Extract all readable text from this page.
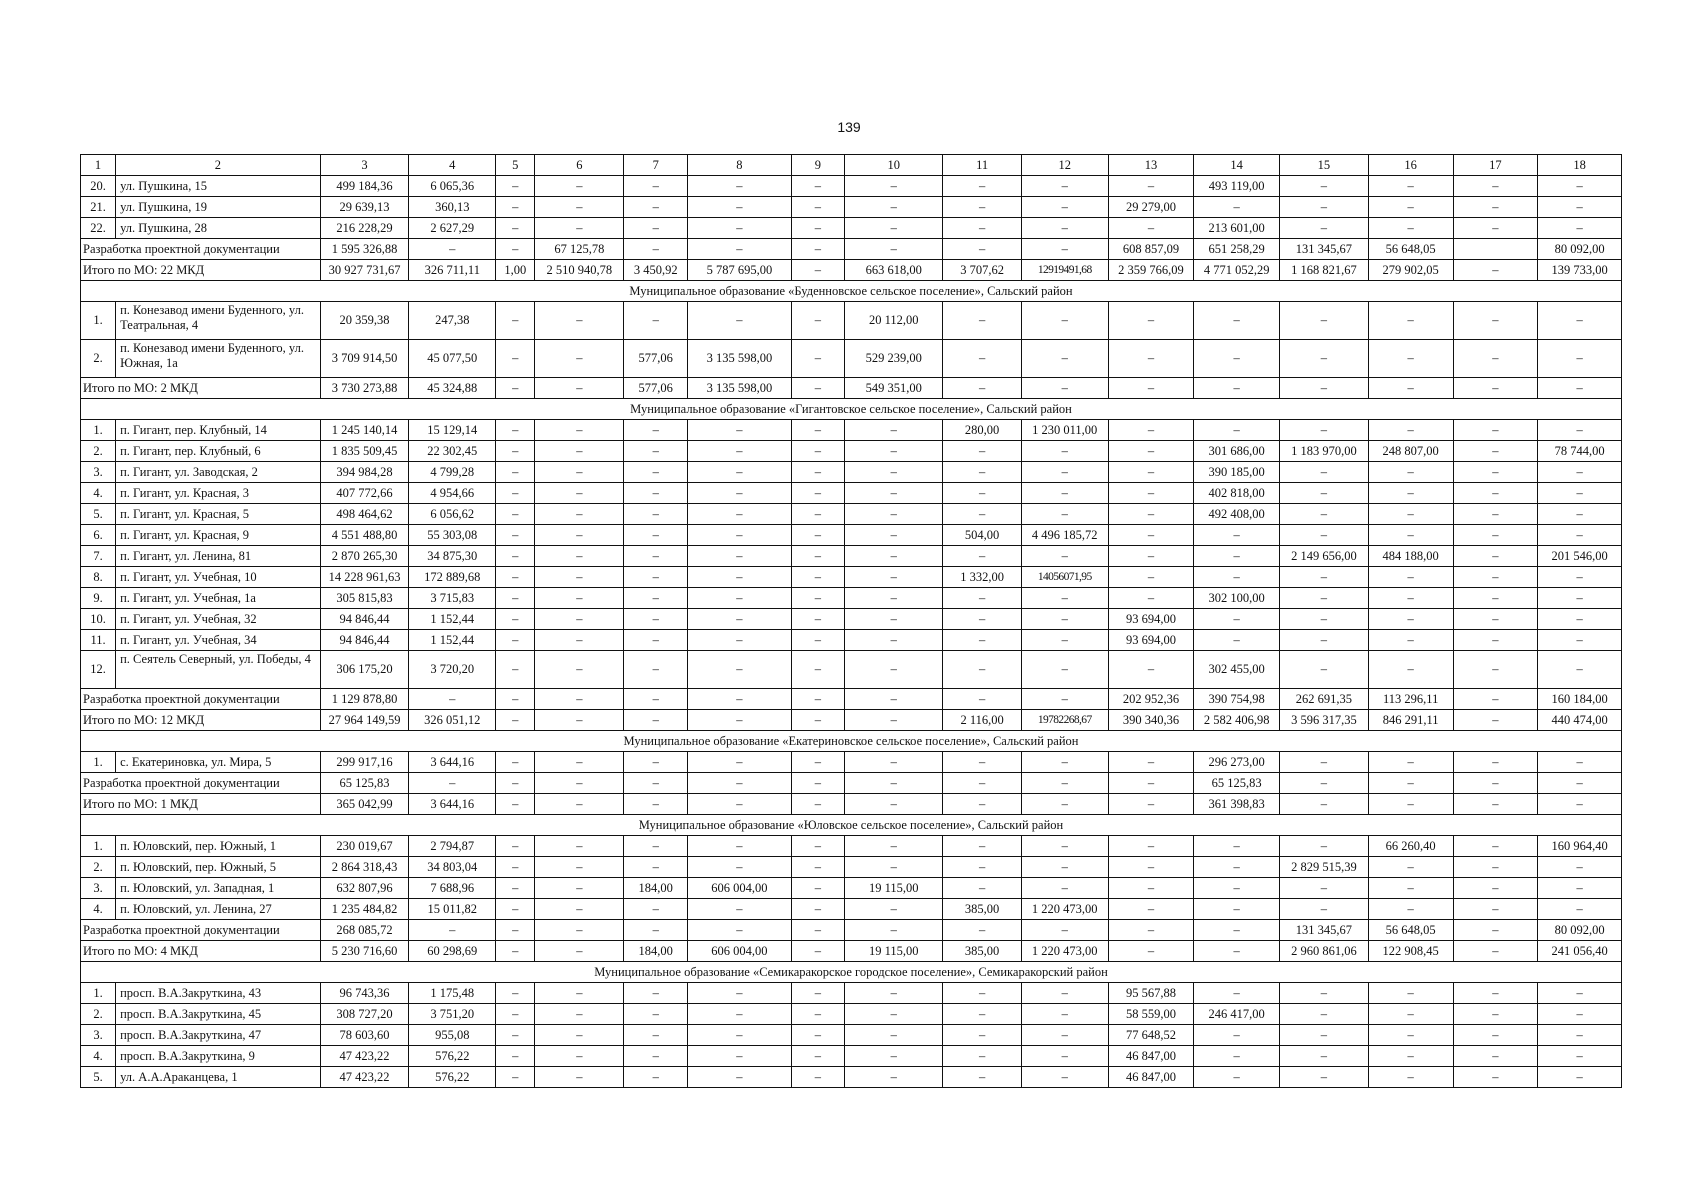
139
1	2	3	4	5	6	7	8	9	10	11	12	13	14	15	16	17	18
20.	ул. Пушкина, 15	499 184,36	6 065,36	–	–	–	–	–	–	–	–	–	493 119,00	–	–	–	–
21.	ул. Пушкина, 19	29 639,13	360,13	–	–	–	–	–	–	–	–	29 279,00	–	–	–	–	–
22.	ул. Пушкина, 28	216 228,29	2 627,29	–	–	–	–	–	–	–	–	–	213 601,00	–	–	–	–
Разработка проектной документации		1 595 326,88	–	–	67 125,78	–	–	–	–	–	–	608 857,09	651 258,29	131 345,67	56 648,05		80 092,00
Итого по МО: 22 МКД		30 927 731,67	326 711,11	1,00	2 510 940,78	3 450,92	5 787 695,00	–	663 618,00	3 707,62	12919491,68	2 359 766,09	4 771 052,29	1 168 821,67	279 902,05	–	139 733,00
Муниципальное образование «Буденновское сельское поселение», Сальский район																	
1.	п. Конезавод имени Буденного, ул. Театральная, 4	20 359,38	247,38	–	–	–	–	–	20 112,00	–	–	–	–	–	–	–	–
2.	п. Конезавод имени Буденного, ул. Южная, 1а	3 709 914,50	45 077,50	–	–	577,06	3 135 598,00	–	529 239,00	–	–	–	–	–	–	–	–
Итого по МО: 2 МКД		3 730 273,88	45 324,88	–	–	577,06	3 135 598,00	–	549 351,00	–	–	–	–	–	–	–	–
Муниципальное образование «Гигантовское сельское поселение», Сальский район																	
1.	п. Гигант, пер. Клубный, 14	1 245 140,14	15 129,14	–	–	–	–	–	–	280,00	1 230 011,00	–	–	–	–	–	–
2.	п. Гигант, пер. Клубный, 6	1 835 509,45	22 302,45	–	–	–	–	–	–	–	–	–	301 686,00	1 183 970,00	248 807,00	–	78 744,00
3.	п. Гигант, ул. Заводская, 2	394 984,28	4 799,28	–	–	–	–	–	–	–	–	–	390 185,00	–	–	–	–
4.	п. Гигант, ул. Красная, 3	407 772,66	4 954,66	–	–	–	–	–	–	–	–	–	402 818,00	–	–	–	–
5.	п. Гигант, ул. Красная, 5	498 464,62	6 056,62	–	–	–	–	–	–	–	–	–	492 408,00	–	–	–	–
6.	п. Гигант, ул. Красная, 9	4 551 488,80	55 303,08	–	–	–	–	–	–	504,00	4 496 185,72	–	–	–	–	–	–
7.	п. Гигант, ул. Ленина, 81	2 870 265,30	34 875,30	–	–	–	–	–	–	–	–	–	–	2 149 656,00	484 188,00	–	201 546,00
8.	п. Гигант, ул. Учебная, 10	14 228 961,63	172 889,68	–	–	–	–	–	–	1 332,00	14056071,95	–	–	–	–	–	–
9.	п. Гигант, ул. Учебная, 1а	305 815,83	3 715,83	–	–	–	–	–	–	–	–	–	302 100,00	–	–	–	–
10.	п. Гигант, ул. Учебная, 32	94 846,44	1 152,44	–	–	–	–	–	–	–	–	93 694,00	–	–	–	–	–
11.	п. Гигант, ул. Учебная, 34	94 846,44	1 152,44	–	–	–	–	–	–	–	–	93 694,00	–	–	–	–	–
12.	п. Сеятель Северный, ул. Победы, 4	306 175,20	3 720,20	–	–	–	–	–	–	–	–	–	302 455,00	–	–	–	–
Разработка проектной документации		1 129 878,80	–	–	–	–	–	–	–	–	–	202 952,36	390 754,98	262 691,35	113 296,11	–	160 184,00
Итого по МО: 12 МКД		27 964 149,59	326 051,12	–	–	–	–	–	–	2 116,00	19782268,67	390 340,36	2 582 406,98	3 596 317,35	846 291,11	–	440 474,00
Муниципальное образование «Екатериновское сельское поселение», Сальский район																	
1.	с. Екатериновка, ул. Мира, 5	299 917,16	3 644,16	–	–	–	–	–	–	–	–	–	296 273,00	–	–	–	–
Разработка проектной документации		65 125,83	–	–	–	–	–	–	–	–	–	–	65 125,83	–	–	–	–
Итого по МО: 1 МКД		365 042,99	3 644,16	–	–	–	–	–	–	–	–	–	361 398,83	–	–	–	–
Муниципальное образование «Юловское сельское поселение», Сальский район																	
1.	п. Юловский, пер. Южный, 1	230 019,67	2 794,87	–	–	–	–	–	–	–	–	–	–	–	66 260,40	–	160 964,40
2.	п. Юловский, пер. Южный, 5	2 864 318,43	34 803,04	–	–	–	–	–	–	–	–	–	–	2 829 515,39	–	–	–
3.	п. Юловский, ул. Западная, 1	632 807,96	7 688,96	–	–	184,00	606 004,00	–	19 115,00	–	–	–	–	–	–	–	–
4.	п. Юловский, ул. Ленина, 27	1 235 484,82	15 011,82	–	–	–	–	–	–	385,00	1 220 473,00	–	–	–	–	–	–
Разработка проектной документации		268 085,72	–	–	–	–	–	–	–	–	–	–	–	131 345,67	56 648,05	–	80 092,00
Итого по МО: 4 МКД		5 230 716,60	60 298,69	–	–	184,00	606 004,00	–	19 115,00	385,00	1 220 473,00	–	–	2 960 861,06	122 908,45	–	241 056,40
Муниципальное образование «Семикаракорское городское поселение», Семикаракорский район																	
1.	просп. В.А.Закруткина, 43	96 743,36	1 175,48	–	–	–	–	–	–	–	–	95 567,88	–	–	–	–	–
2.	просп. В.А.Закруткина, 45	308 727,20	3 751,20	–	–	–	–	–	–	–	–	58 559,00	246 417,00	–	–	–	–
3.	просп. В.А.Закруткина, 47	78 603,60	955,08	–	–	–	–	–	–	–	–	77 648,52	–	–	–	–	–
4.	просп. В.А.Закруткина, 9	47 423,22	576,22	–	–	–	–	–	–	–	–	46 847,00	–	–	–	–	–
5.	ул. А.А.Араканцева, 1	47 423,22	576,22	–	–	–	–	–	–	–	–	46 847,00	–	–	–	–	–
